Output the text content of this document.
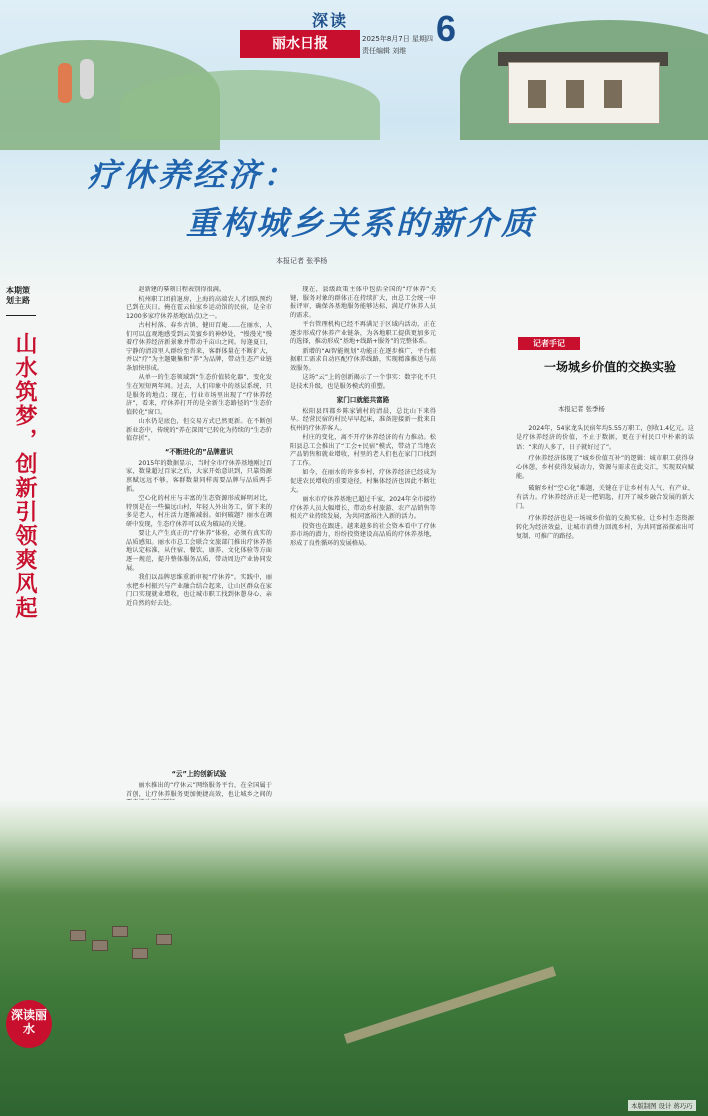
深读
丽水日报	2025年8月7日 星期四
责任编辑 刘维
6
疗休养经济：
重构城乡关系的新介质
本报记者 张季杨
本期策划主路
山水筑梦，创新引领爽风起

赵新建的摹刻日程表别得很满。

杭州职工团前退房，上海的高端农人才团队预约已到在庆日。掩在霍云仙家乡运动馆的民宿，是全市1200多家疗休养基地(站点)之一。

古村村落、春乡古镇、健田百庵……在丽水，人们可以直观地感受到云美蜜乡的神妙处，“慢漫光”慢着疗休养经济新景象并带动千亩山之间。每逢夏日，宁静的清凉里人群纷至沓来，客群体量在不断扩大，并以“疗”为主题聚集和“养”为品牌，带动生态产业链条加快形成。

从单一的生态领域到“生态价值转化器”，变化发生在短短两年间。过去，人们印象中的基层系统，只是服务的地点；现在，行业市场里出现了“疗休养经济”，看来，疗休养打开的是全新生态路径的“生态价值转化”窗口。

山水仍是底色，但交易方式已然更新。在不断创新业态中，传统的“养在深闺”已转化为持续的“生态价值存折”。

“不断进化的”品牌意识

2015年的数据显示，当时全市疗休养基地刚过百家，数量超过百家之后，大家开始意识到，只靠资源禀赋远远不够，客群数量同样需要品牌与品质两手抓。

空心化的村庄与丰富的生态资源形成鲜明对比，特别是在一些偏远山村，年轻人外出务工，留下来的多是老人，村庄活力逐渐减弱。如何破题？丽水在调研中发现，生态疗休养可以成为破局的关键。

要让人产生真正的“疗休养”体验，必须有真实的品质感知。丽水市总工会联合文旅部门推出疗休养基地认定标准，从住宿、餐饮、康养、文化体验等方面逐一规范，提升整体服务品质，带动周边产业协同发展。

我们以品牌思维重新审视“疗休养”。实践中，丽水把乡村振兴与产业融合结合起来，让山区群众在家门口实现就业增收，也让城市职工找到休憩身心、亲近自然的好去处。

现在，县级政策主体中包括全国的“疗休养”关键，服务对象的群体正在持续扩大，由总工会统一申报评审，确保各基地服务能够达标，满足疗休养人员的需求。

平台管理机构已经不再满足于区域内活动，正在逐步形成疗休养产业链条，为各地职工提供更加多元的选择，推动形成“基地+线路+服务”的完整体系。

新增的“AI智能规划”功能正在逐步推广，平台根据职工需求自动匹配疗休养线路，实现精准推送与高效服务。

这场“云”上的创新揭示了一个事实：数字化不只是技术升级，也是服务模式的重塑。

家门口就能共富路

松阳县四都乡陈家铺村的清晨，总比山下来得早。经营民宿的村民早早起床，准备迎接新一批来自杭州的疗休养客人。

村庄的变化，离不开疗休养经济的有力推动。松阳县总工会推出了“工会+民宿”模式，带动了当地农产品销售和就业增收，村里的老人们也在家门口找到了工作。

如今，在丽水的许多乡村，疗休养经济已经成为促进农民增收的重要途径，村集体经济也因此不断壮大。

丽水市疗休养基地已超过千家，2024年全市接待疗休养人员大幅增长，带动乡村旅游、农产品销售等相关产业持续发展，为共同富裕注入新的活力。

投资也在跟进。越来越多的社会资本看中了疗休养市场的潜力，纷纷投资建设高品质的疗休养基地，形成了良性循环的发展格局。

“云”上的创新试验

丽水推出的“疗休云”网络服务平台，在全国属于首创，让疗休养服务更加便捷高效，也让城乡之间的

记者手记
一场城乡价值的交换实验
本报记者 张季杨

2024年，54家龙头民宿年均5.55万职工，创收1.4亿元。这是疗休养经济的价值，不止于数据，更在于村民口中朴素的话语：“来的人多了，日子就好过了”。

疗休养经济体现了“城乡价值互补”的逻辑：城市职工获得身心休憩，乡村获得发展动力，资源与需求在此交汇，实现双向赋能。

破解乡村“空心化”难题，关键在于让乡村有人气、有产业、有活力。疗休养经济正是一把钥匙，打开了城乡融合发展的新大门。

疗休养经济也是一场城乡价值的交换实验，让乡村生态资源转化为经济效益，让城市消费力回流乡村，为共同富裕探索出可复制、可推广的路径。

深读丽水
本版制图 设计 蒋巧巧
